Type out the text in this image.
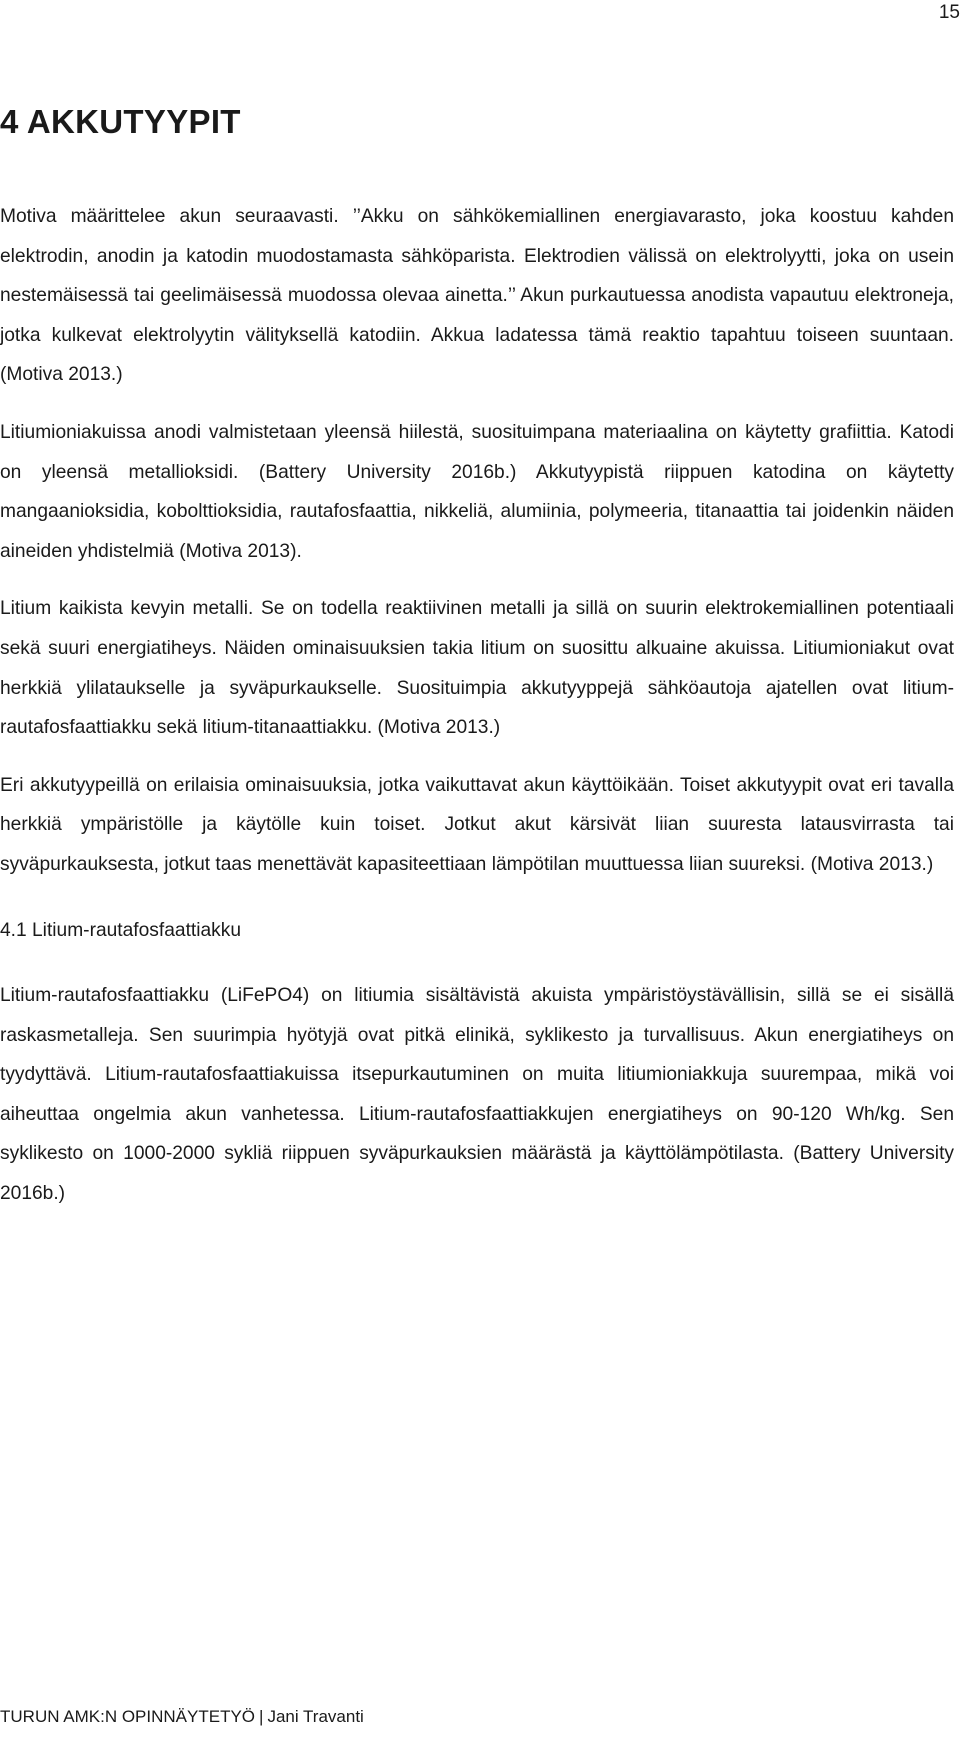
15
4 AKKUTYYPIT

Motiva määrittelee akun seuraavasti. ’’Akku on sähkökemiallinen energiavarasto, joka koostuu kahden elektrodin, anodin ja katodin muodostamasta sähköparista. Elektrodien välissä on elektrolyytti, joka on usein nestemäisessä tai geelimäisessä muodossa olevaa ainetta.’’ Akun purkautuessa anodista vapautuu elektroneja, jotka kulkevat elektrolyytin välityksellä katodiin. Akkua ladatessa tämä reaktio tapahtuu toiseen suuntaan. (Motiva 2013.)

Litiumioniakuissa anodi valmistetaan yleensä hiilestä, suosituimpana materiaalina on käytetty grafiittia. Katodi on yleensä metallioksidi. (Battery University 2016b.) Akkutyypistä riippuen katodina on käytetty mangaanioksidia, kobolttioksidia, rautafosfaattia, nikkeliä, alumiinia, polymeeria, titanaattia tai joidenkin näiden aineiden yhdistelmiä (Motiva 2013).

Litium kaikista kevyin metalli. Se on todella reaktiivinen metalli ja sillä on suurin elektrokemiallinen potentiaali sekä suuri energiatiheys. Näiden ominaisuuksien takia litium on suosittu alkuaine akuissa. Litiumioniakut ovat herkkiä ylilataukselle ja syväpurkaukselle. Suosituimpia akkutyyppejä sähköautoja ajatellen ovat litium-rautafosfaattiakku sekä litium-titanaattiakku. (Motiva 2013.)

Eri akkutyypeillä on erilaisia ominaisuuksia, jotka vaikuttavat akun käyttöikään. Toiset akkutyypit ovat eri tavalla herkkiä ympäristölle ja käytölle kuin toiset. Jotkut akut kärsivät liian suuresta latausvirrasta tai syväpurkauksesta, jotkut taas menettävät kapasiteettiaan lämpötilan muuttuessa liian suureksi. (Motiva 2013.)

4.1 Litium-rautafosfaattiakku

Litium-rautafosfaattiakku (LiFePO4) on litiumia sisältävistä akuista ympäristöystävällisin, sillä se ei sisällä raskasmetalleja. Sen suurimpia hyötyjä ovat pitkä elinikä, syklikesto ja turvallisuus. Akun energiatiheys on tyydyttävä. Litium-rautafosfaattiakuissa itsepurkautuminen on muita litiumioniakkuja suurempaa, mikä voi aiheuttaa ongelmia akun vanhetessa. Litium-rautafosfaattiakkujen energiatiheys on 90-120 Wh/kg. Sen syklikesto on 1000-2000 sykliä riippuen syväpurkauksien määrästä ja käyttölämpötilasta. (Battery University 2016b.)

TURUN AMK:N OPINNÄYTETYÖ | Jani Travanti
